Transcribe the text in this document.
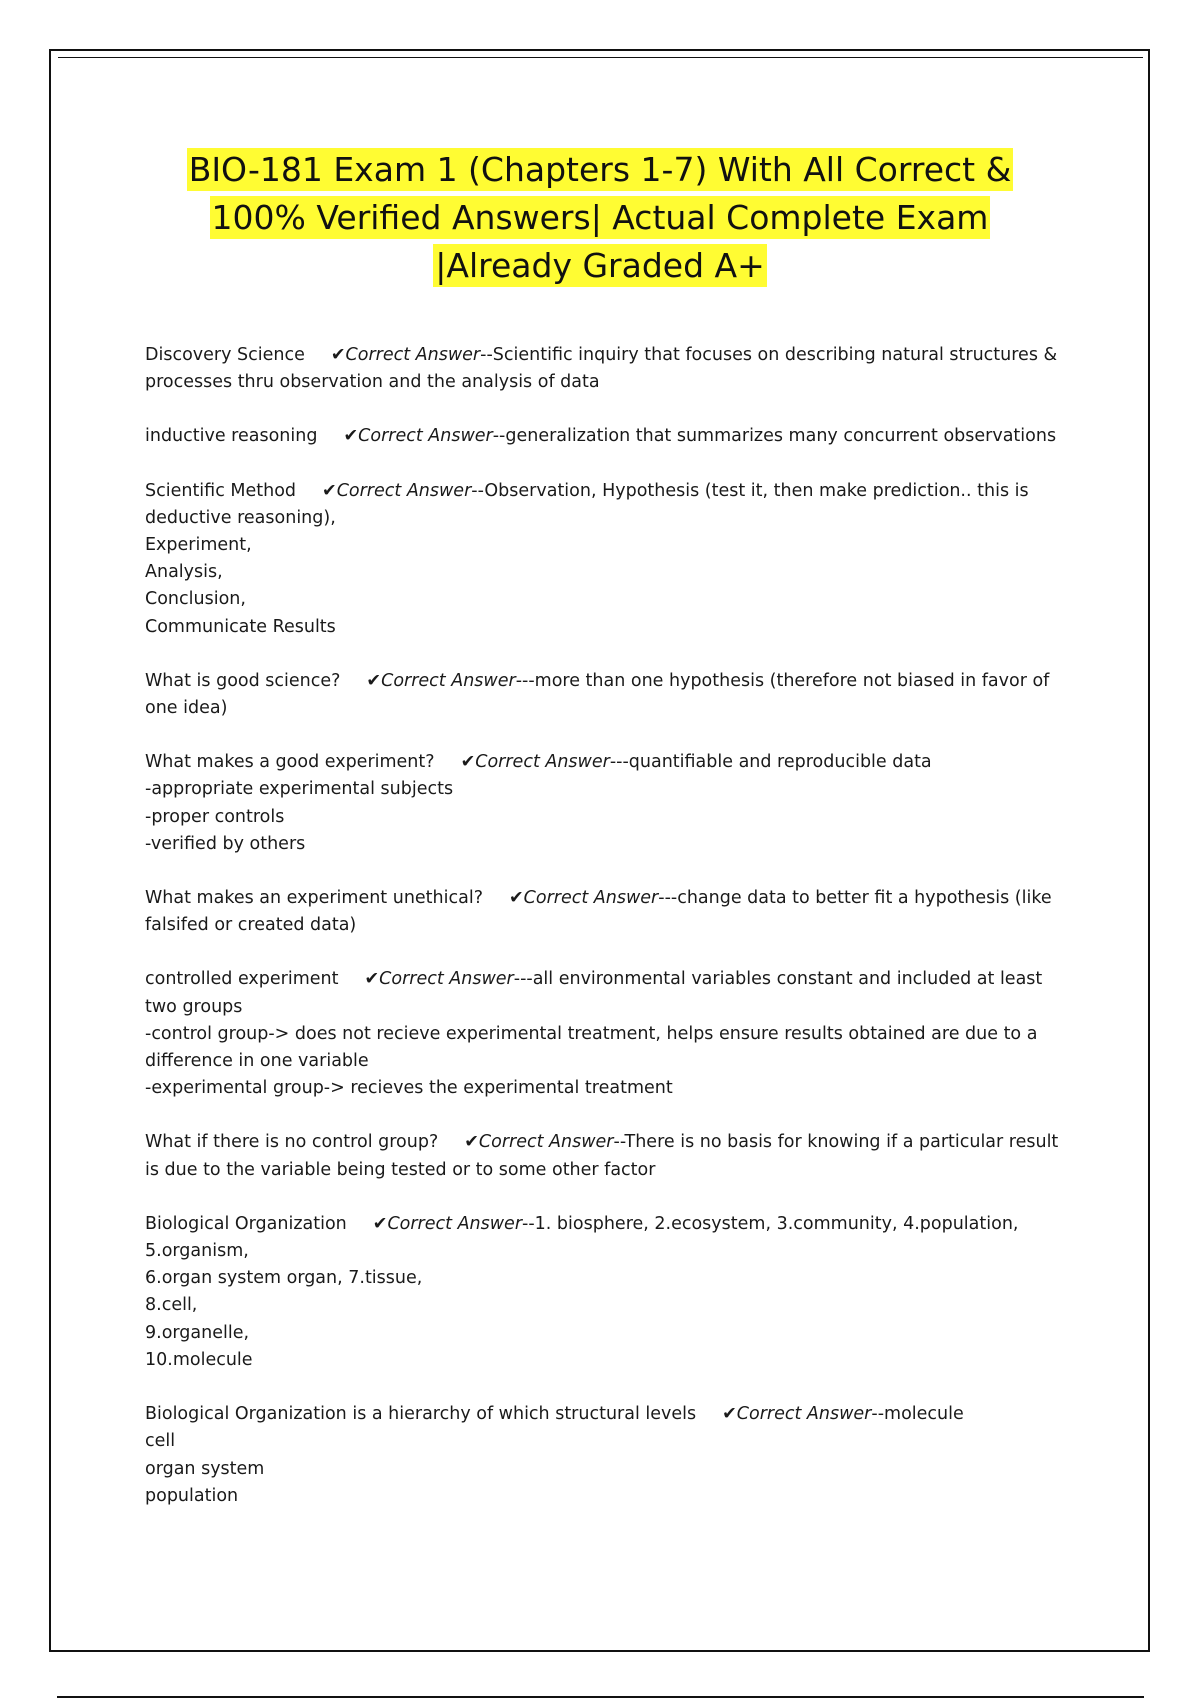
BIO-181 Exam 1 (Chapters 1-7) With All Correct & 100% Verified Answers| Actual Complete Exam |Already Graded A+
Discovery Science ✔Correct Answer--Scientific inquiry that focuses on describing natural structures & processes thru observation and the analysis of data
inductive reasoning ✔Correct Answer--generalization that summarizes many concurrent observations
Scientific Method ✔Correct Answer--Observation, Hypothesis (test it, then make prediction.. this is deductive reasoning),
Experiment,
Analysis,
Conclusion,
Communicate Results
What is good science? ✔Correct Answer---more than one hypothesis (therefore not biased in favor of one idea)
What makes a good experiment? ✔Correct Answer---quantifiable and reproducible data
-appropriate experimental subjects
-proper controls
-verified by others
What makes an experiment unethical? ✔Correct Answer---change data to better fit a hypothesis (like falsifed or created data)
controlled experiment ✔Correct Answer---all environmental variables constant and included at least two groups
-control group-> does not recieve experimental treatment, helps ensure results obtained are due to a difference in one variable
-experimental group-> recieves the experimental treatment
What if there is no control group? ✔Correct Answer--There is no basis for knowing if a particular result is due to the variable being tested or to some other factor
Biological Organization ✔Correct Answer--1. biosphere, 2.ecosystem, 3.community, 4.population,
5.organism,
6.organ system organ, 7.tissue,
8.cell,
9.organelle,
10.molecule
Biological Organization is a hierarchy of which structural levels ✔Correct Answer--molecule
cell
organ system
population
